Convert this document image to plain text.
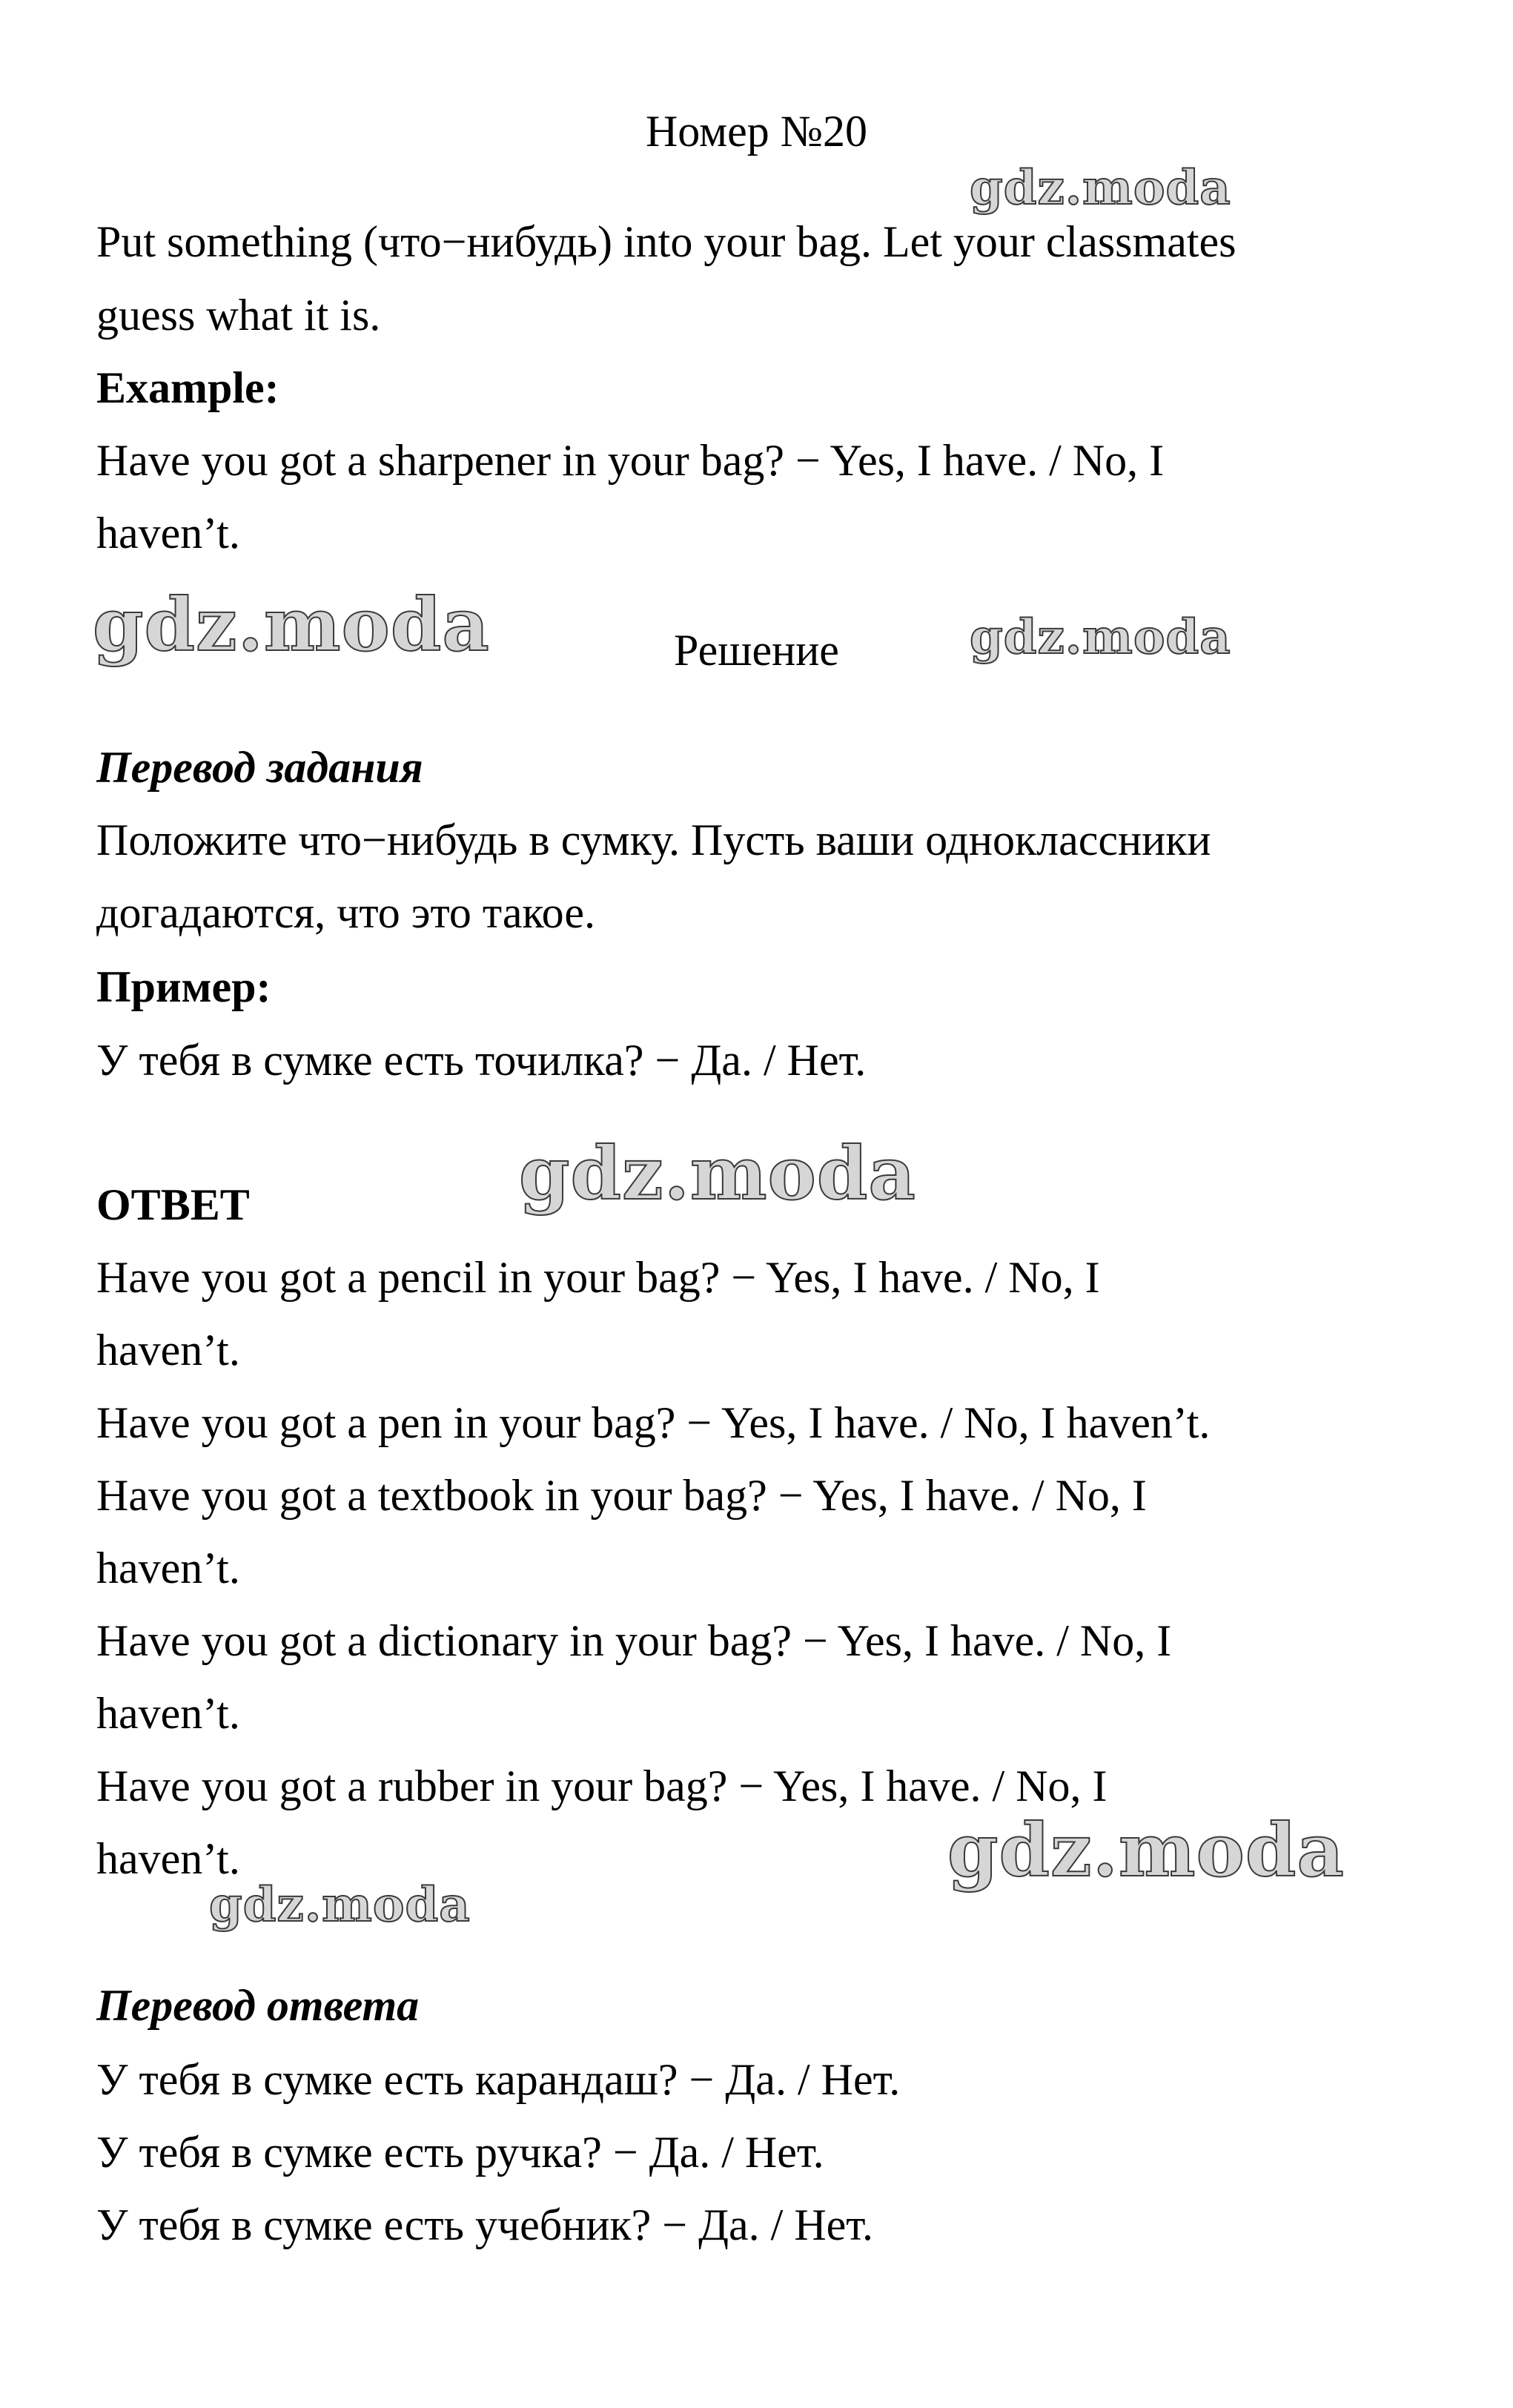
Номер №20
Put something (что−нибудь) into your bag. Let your classmates
guess what it is.
Example:
Have you got a sharpener in your bag? − Yes, I have. / No, I
haven’t.
Решение
Перевод задания
Положите что−нибудь в сумку. Пусть ваши одноклассники
догадаются, что это такое.
Пример:
У тебя в сумке есть точилка? − Да. / Нет.
ОТВЕТ
Have you got a pencil in your bag? − Yes, I have. / No, I
haven’t.
Have you got a pen in your bag? − Yes, I have. / No, I haven’t.
Have you got a textbook in your bag? − Yes, I have. / No, I
haven’t.
Have you got a dictionary in your bag? − Yes, I have. / No, I
haven’t.
Have you got a rubber in your bag? − Yes, I have. / No, I
haven’t.
Перевод ответа
У тебя в сумке есть карандаш? − Да. / Нет.
У тебя в сумке есть ручка? − Да. / Нет.
У тебя в сумке есть учебник? − Да. / Нет.
gdz.moda
gdz.moda	gdz.moda
gdz.moda
gdz.moda
gdz.moda
